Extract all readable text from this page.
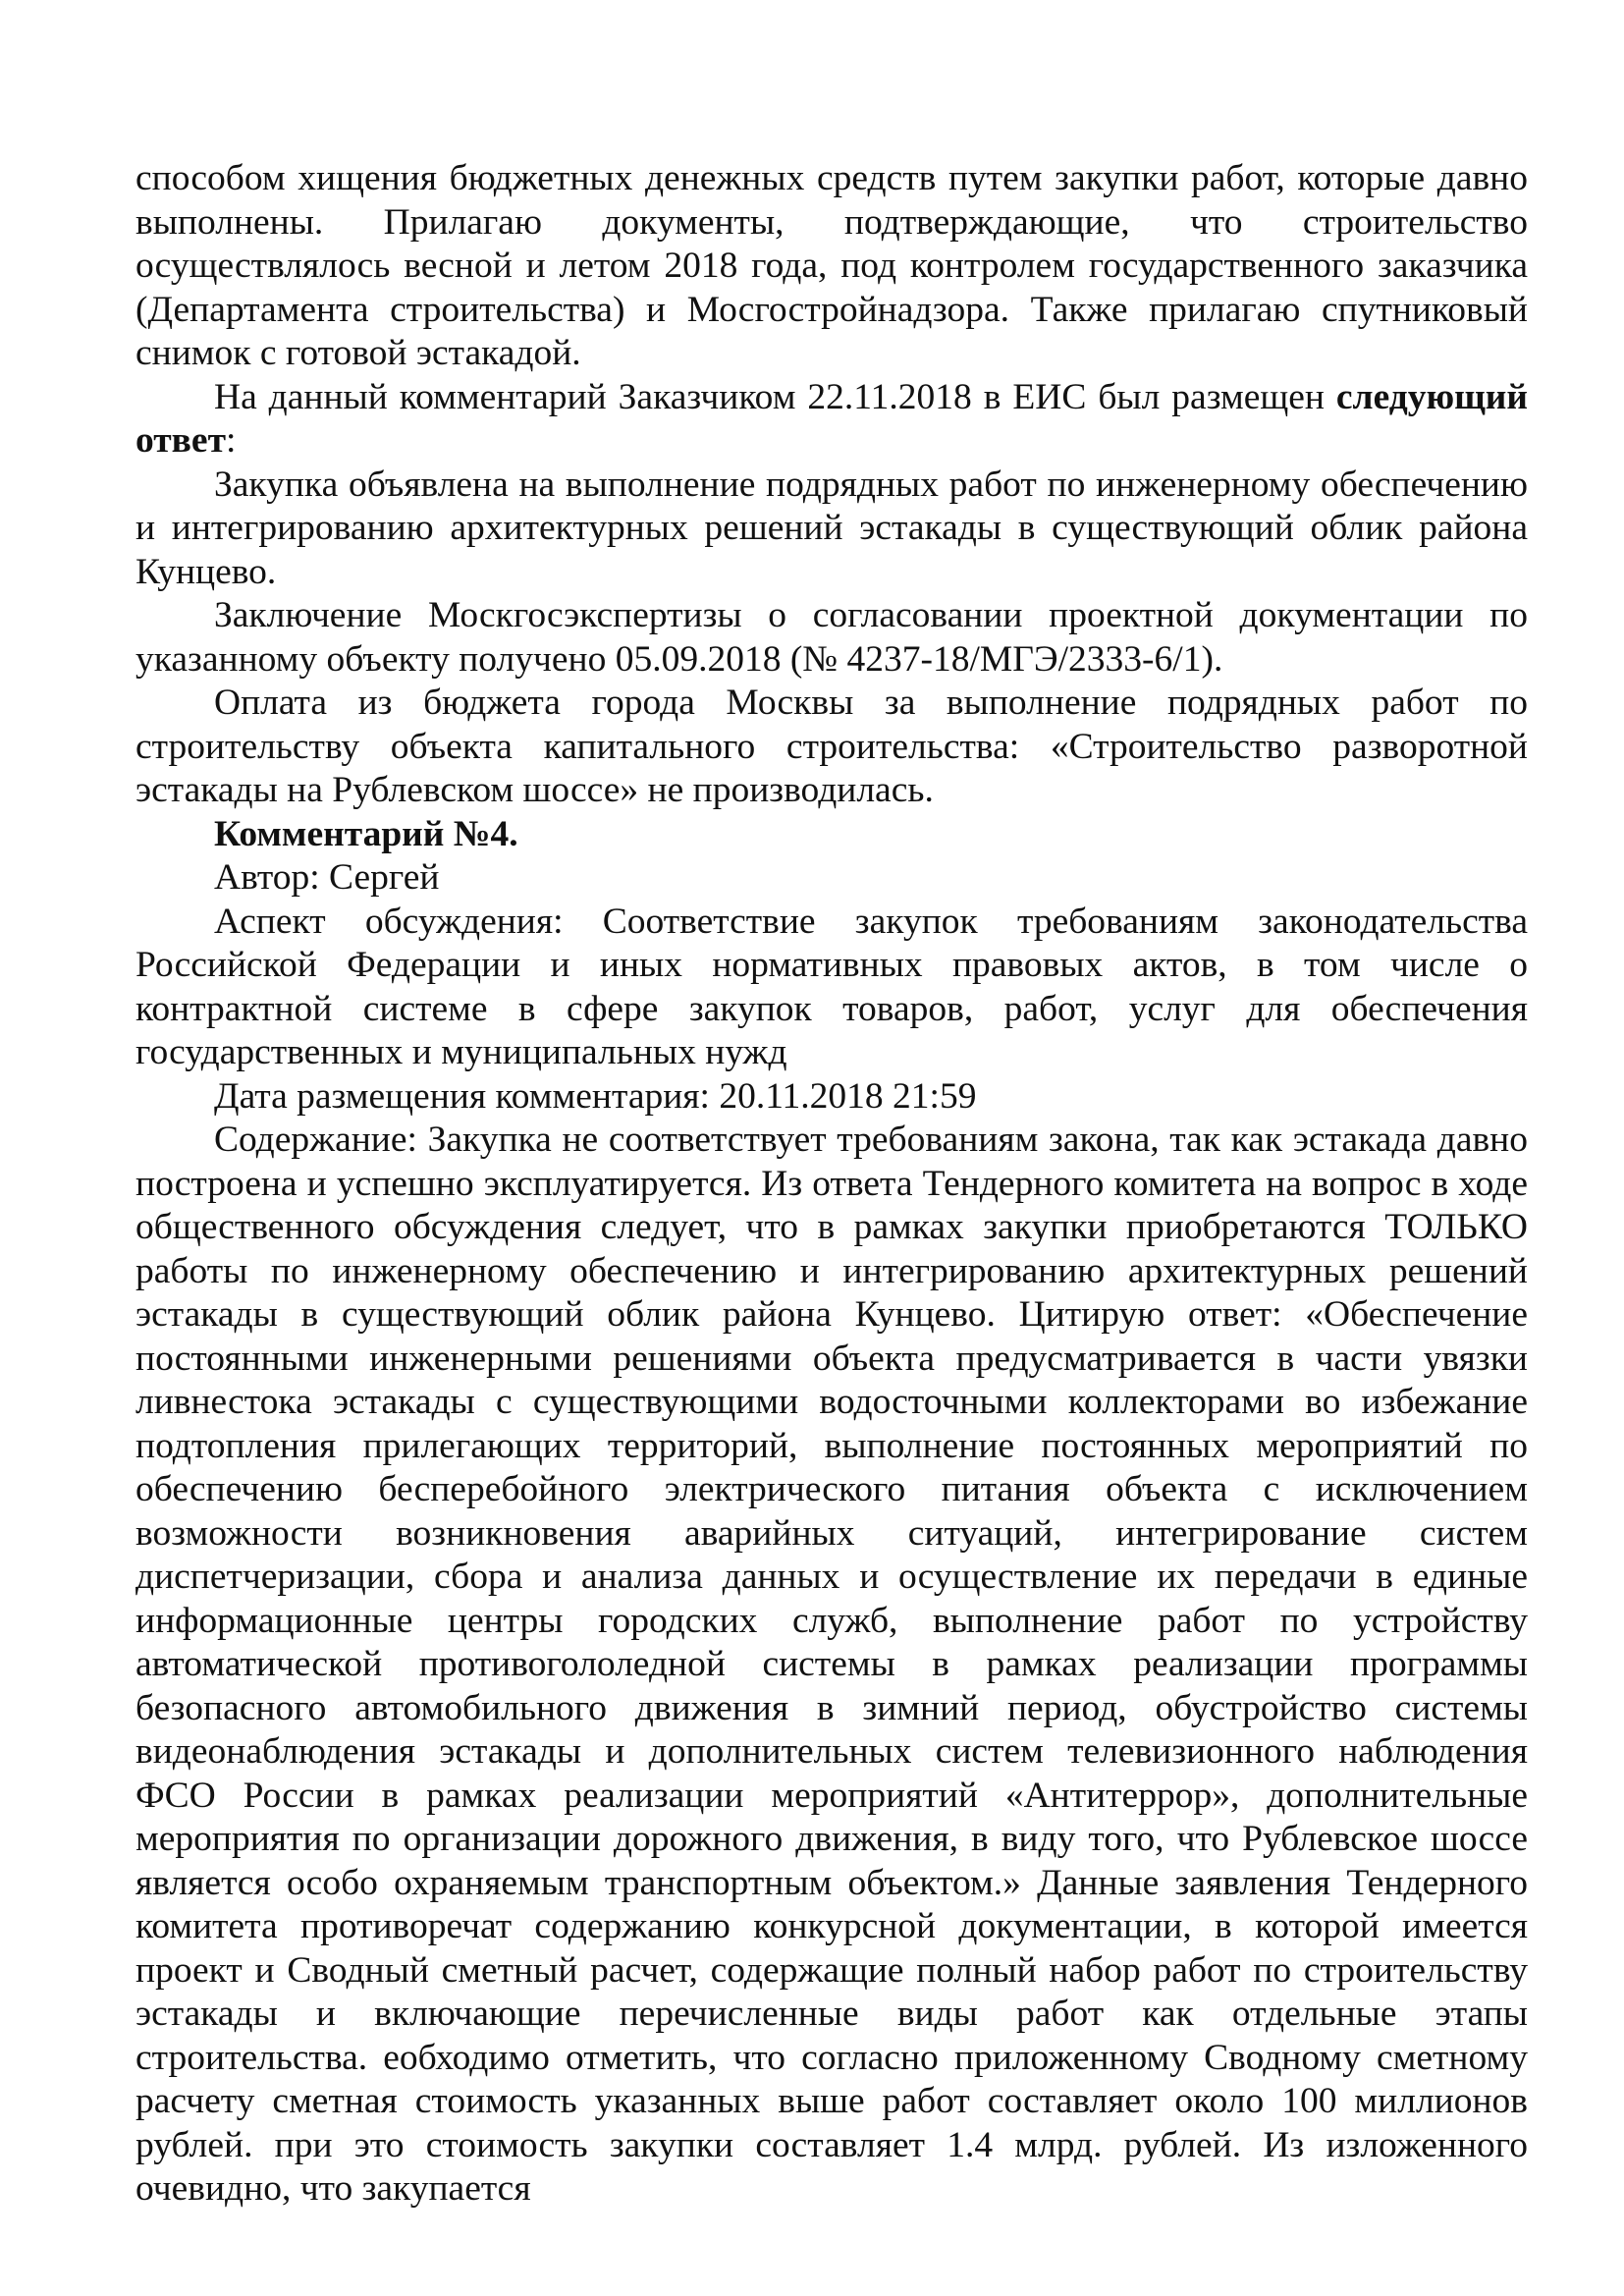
способом хищения бюджетных денежных средств путем закупки работ, которые давно выполнены. Прилагаю документы, подтверждающие, что строительство осуществлялось весной и летом 2018 года, под контролем государственного заказчика (Департамента строительства) и Мосгостройнадзора. Также прилагаю спутниковый снимок с готовой эстакадой.

На данный комментарий Заказчиком 22.11.2018 в ЕИС был размещен следующий ответ:

Закупка объявлена на выполнение подрядных работ по инженерному обеспечению и интегрированию архитектурных решений эстакады в существующий облик района Кунцево.

Заключение Москгосэкспертизы о согласовании проектной документации по указанному объекту получено 05.09.2018 (№ 4237-18/МГЭ/2333-6/1).

Оплата из бюджета города Москвы за выполнение подрядных работ по строительству объекта капитального строительства: «Строительство разворотной эстакады на Рублевском шоссе» не производилась.

Комментарий №4.

Автор: Сергей

Аспект обсуждения: Соответствие закупок требованиям законодательства Российской Федерации и иных нормативных правовых актов, в том числе о контрактной системе в сфере закупок товаров, работ, услуг для обеспечения государственных и муниципальных нужд

Дата размещения комментария: 20.11.2018 21:59

Содержание: Закупка не соответствует требованиям закона, так как эстакада давно построена и успешно эксплуатируется. Из ответа Тендерного комитета на вопрос в ходе общественного обсуждения следует, что в рамках закупки приобретаются ТОЛЬКО работы по инженерному обеспечению и интегрированию архитектурных решений эстакады в существующий облик района Кунцево. Цитирую ответ: «Обеспечение постоянными инженерными решениями объекта предусматривается в части увязки ливнестока эстакады с существующими водосточными коллекторами во избежание подтопления прилегающих территорий, выполнение постоянных мероприятий по обеспечению бесперебойного электрического питания объекта с исключением возможности возникновения аварийных ситуаций, интегрирование систем диспетчеризации, сбора и анализа данных и осуществление их передачи в единые информационные центры городских служб, выполнение работ по устройству автоматической противогололедной системы в рамках реализации программы безопасного автомобильного движения в зимний период, обустройство системы видеонаблюдения эстакады и дополнительных систем телевизионного наблюдения ФСО России в рамках реализации мероприятий «Антитеррор», дополнительные мероприятия по организации дорожного движения, в виду того, что Рублевское шоссе является особо охраняемым транспортным объектом.» Данные заявления Тендерного комитета противоречат содержанию конкурсной документации, в которой имеется проект и Сводный сметный расчет, содержащие полный набор работ по строительству эстакады и включающие перечисленные виды работ как отдельные этапы строительства. еобходимо отметить, что согласно приложенному Сводному сметному расчету сметная стоимость указанных выше работ составляет около 100 миллионов рублей. при это стоимость закупки составляет 1.4 млрд. рублей. Из изложенного очевидно, что закупается
